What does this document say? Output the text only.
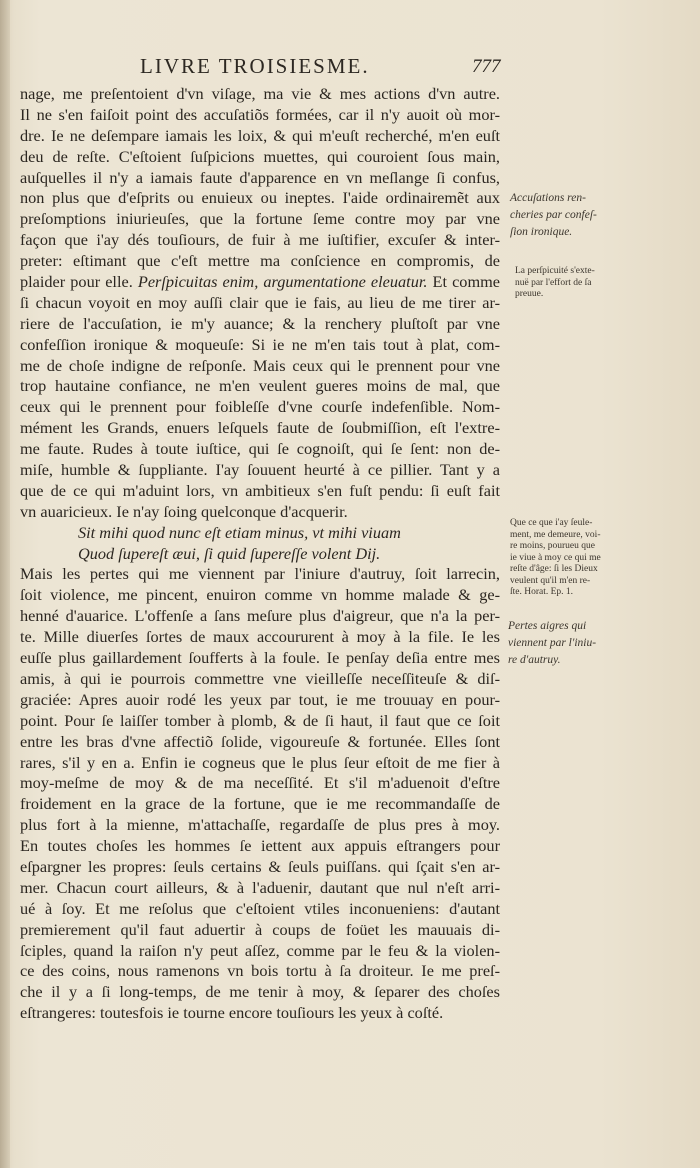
LIVRE TROISIESME.	777
nage, me preſentoient d'vn viſage, ma vie & mes actions d'vn autre.
Il ne s'en faiſoit point des accuſatiõs formées, car il n'y auoit où mor-
dre. Ie ne deſempare iamais les loix, & qui m'euſt recherché, m'en euſt
deu de reſte. C'eſtoient ſuſpicions muettes, qui couroient ſous main,
auſquelles il n'y a iamais faute d'apparence en vn meſlange ſi confus,
non plus que d'eſprits ou enuieux ou ineptes. I'aide ordinairemẽt aux
preſomptions iniurieuſes, que la fortune ſeme contre moy par vne
façon que i'ay dés touſiours, de fuir à me iuſtifier, excuſer & inter-
preter: eſtimant que c'eſt mettre ma conſcience en compromis, de
plaider pour elle. Perſpicuitas enim, argumentatione eleuatur. Et comme
ſi chacun voyoit en moy auſſi clair que ie fais, au lieu de me tirer ar-
riere de l'accuſation, ie m'y auance; & la renchery pluſtoſt par vne
confeſſion ironique & moqueuſe: Si ie ne m'en tais tout à plat, com-
me de choſe indigne de reſponſe. Mais ceux qui le prennent pour vne
trop hautaine confiance, ne m'en veulent gueres moins de mal, que
ceux qui le prennent pour foibleſſe d'vne courſe indefenſible. Nom-
mément les Grands, enuers leſquels faute de ſoubmiſſion, eſt l'extre-
me faute. Rudes à toute iuſtice, qui ſe cognoiſt, qui ſe ſent: non de-
miſe, humble & ſuppliante. I'ay ſouuent heurté à ce pillier. Tant y a
que de ce qui m'aduint lors, vn ambitieux s'en fuſt pendu: ſi euſt fait
vn auaricieux. Ie n'ay ſoing quelconque d'acquerir.
Sit mihi quod nunc eſt etiam minus, vt mihi viuam
Quod ſupereſt æui, ſi quid ſupereſſe volent Dij.
Mais les pertes qui me viennent par l'iniure d'autruy, ſoit larrecin,
ſoit violence, me pincent, enuiron comme vn homme malade & ge-
henné d'auarice. L'offenſe a ſans meſure plus d'aigreur, que n'a la per-
te. Mille diuerſes ſortes de maux accoururent à moy à la file. Ie les
euſſe plus gaillardement ſoufferts à la foule. Ie penſay deſia entre mes
amis, à qui ie pourrois commettre vne vieilleſſe neceſſiteuſe & diſ-
graciée: Apres auoir rodé les yeux par tout, ie me trouuay en pour-
point. Pour ſe laiſſer tomber à plomb, & de ſi haut, il faut que ce ſoit
entre les bras d'vne affectiõ ſolide, vigoureuſe & fortunée. Elles ſont
rares, s'il y en a. Enfin ie cogneus que le plus ſeur eſtoit de me fier à
moy-meſme de moy & de ma neceſſité. Et s'il m'aduenoit d'eſtre
froidement en la grace de la fortune, que ie me recommandaſſe de
plus fort à la mienne, m'attachaſſe, regardaſſe de plus pres à moy.
En toutes choſes les hommes ſe iettent aux appuis eſtrangers pour
eſpargner les propres: ſeuls certains & ſeuls puiſſans. qui ſçait s'en ar-
mer. Chacun court ailleurs, & à l'aduenir, dautant que nul n'eſt arri-
ué à ſoy. Et me reſolus que c'eſtoient vtiles inconueniens: d'autant
premierement qu'il faut aduertir à coups de foüet les mauuais di-
ſciples, quand la raiſon n'y peut aſſez, comme par le feu & la violen-
ce des coins, nous ramenons vn bois tortu à ſa droiteur. Ie me preſ-
che il y a ſi long-temps, de me tenir à moy, & ſeparer des choſes
eſtrangeres: toutesfois ie tourne encore touſiours les yeux à coſté.
Accuſations ren-
cheries par confeſ-
ſion ironique.
La perſpicuité s'exte-
nuë par l'effort de ſa
preuue.
Que ce que i'ay ſeule-
ment, me demeure, voi-
re moins, pourueu que
ie viue à moy ce qui me
reſte d'âge: ſi les Dieux
veulent qu'il m'en re-
ſte. Horat. Ep. 1.
Pertes aigres qui
viennent par l'iniu-
re d'autruy.
